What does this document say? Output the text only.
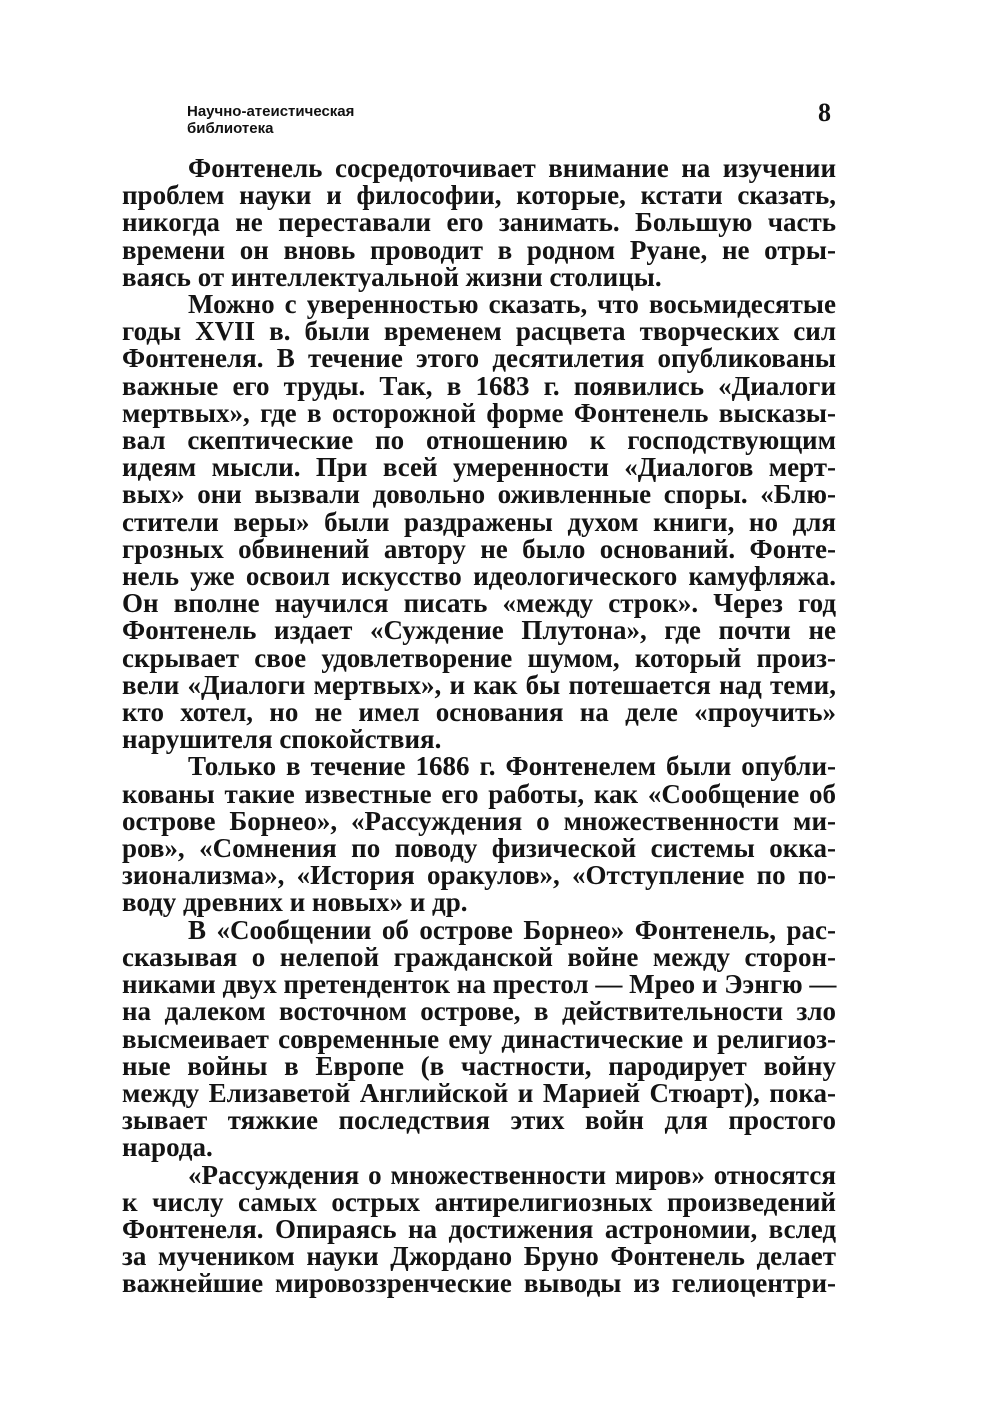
Научно-атеистическая
библиотека
8
Фонтенель сосредоточивает внимание на изучении
проблем науки и философии, которые, кстати сказать,
никогда не переставали его занимать. Большую часть
времени он вновь проводит в родном Руане, не отры-
ваясь от интеллектуальной жизни столицы.
Можно с уверенностью сказать, что восьмидесятые
годы XVII в. были временем расцвета творческих сил
Фонтенеля. В течение этого десятилетия опубликованы
важные его труды. Так, в 1683 г. появились «Диалоги
мертвых», где в осторожной форме Фонтенель высказы-
вал скептические по отношению к господствующим
идеям мысли. При всей умеренности «Диалогов мерт-
вых» они вызвали довольно оживленные споры. «Блю-
стители веры» были раздражены духом книги, но для
грозных обвинений автору не было оснований. Фонте-
нель уже освоил искусство идеологического камуфляжа.
Он вполне научился писать «между строк». Через год
Фонтенель издает «Суждение Плутона», где почти не
скрывает свое удовлетворение шумом, который произ-
вели «Диалоги мертвых», и как бы потешается над теми,
кто хотел, но не имел основания на деле «проучить»
нарушителя спокойствия.
Только в течение 1686 г. Фонтенелем были опубли-
кованы такие известные его работы, как «Сообщение об
острове Борнео», «Рассуждения о множественности ми-
ров», «Сомнения по поводу физической системы окка-
зионализма», «История оракулов», «Отступление по по-
воду древних и новых» и др.
В «Сообщении об острове Борнео» Фонтенель, рас-
сказывая о нелепой гражданской войне между сторон-
никами двух претенденток на престол — Мрео и Ээнгю —
на далеком восточном острове, в действительности зло
высмеивает современные ему династические и религиоз-
ные войны в Европе (в частности, пародирует войну
между Елизаветой Английской и Марией Стюарт), пока-
зывает тяжкие последствия этих войн для простого
народа.
«Рассуждения о множественности миров» относятся
к числу самых острых антирелигиозных произведений
Фонтенеля. Опираясь на достижения астрономии, вслед
за мучеником науки Джордано Бруно Фонтенель делает
важнейшие мировоззренческие выводы из гелиоцентри-
